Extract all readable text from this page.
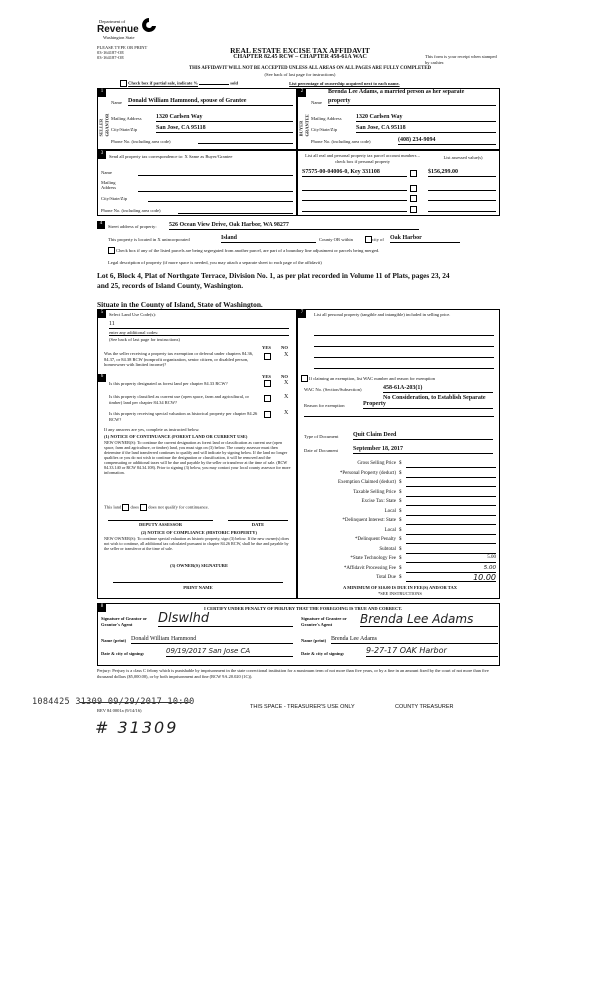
Department of
Revenue
Washington State
PLEASE TYPE OR PRINT
03-164187-OE
03-164187-OE
REAL ESTATE EXCISE TAX AFFIDAVIT
CHAPTER 82.45 RCW – CHAPTER 458-61A WAC	This form is your receipt when stamped by cashier.
THIS AFFIDAVIT WILL NOT BE ACCEPTED UNLESS ALL AREAS ON ALL PAGES ARE FULLY COMPLETED
(See back of last page for instructions)
Check box if partial sale, indicate %	sold	List percentage of ownership acquired next to each name.
1
SELLER GRANTOR
Name Donald William Hammond, spouse of Grantee
Mailing Address 1320 Carlsen Way
City/State/Zip	San Jose, CA 95118
Phone No. (including area code)
2
BUYER GRANTEE
Brenda Lee Adams, a married person as her separate
Name property
Mailing Address 1320 Carlsen Way
City/State/Zip	San Jose, CA 95118
Phone No. (including area code)	(408) 234-9094
3
Send all property tax correspondence to: X Same as Buyer/Grantee
Name
Mailing Address
City/State/Zip
Phone No. (including area code)
List all real and personal property tax parcel account numbers – check box if personal property
List assessed value(s)
S7575-00-04006-0, Key 331108	$156,299.00
4
Street address of property: 526 Ocean View Drive, Oak Harbor, WA 98277
This property is located in X unincorporated	Island	County OR within	city of Oak Harbor
Check box if any of the listed parcels are being segregated from another parcel, are part of a boundary line adjustment or parcels being merged.
Legal description of property (if more space is needed, you may attach a separate sheet to each page of the affidavit)
Lot 6, Block 4, Plat of Northgate Terrace, Division No. 1, as per plat recorded in Volume 11 of Plats, pages 23, 24
and 25, records of Island County, Washington.
Situate in the County of Island, State of Washington.
5	Select Land Use Code(s):
11
enter any additional codes:
(See back of last page for instructions)
YES NO
Was the seller receiving a property tax exemption or deferral under chapters 84.36, 84.37, or 84.38 RCW (nonprofit organization, senior citizen, or disabled person, homeowner with limited income)?
X
6	YES NO
Is this property designated as forest land per chapter 84.33 RCW?	X
Is this property classified as current use (open space, farm and agricultural, or timber) land per chapter 84.34 RCW?
X
Is this property receiving special valuation as historical property per chapter 84.26 RCW?
X
If any answers are yes, complete as instructed below.
(1) NOTICE OF CONTINUANCE (FOREST LAND OR CURRENT USE)
NEW OWNER(S): To continue the current designation as forest land or classification as current use (open space, farm and agriculture, or timber) land, you must sign on (3) below. The county assessor must then determine if the land transferred continues to qualify and will indicate by signing below. If the land no longer qualifies or you do not wish to continue the designation or classification, it will be removed and the compensating or additional taxes will be due and payable by the seller or transferor at the time of sale. (RCW 84.33.140 or RCW 84.34.108). Prior to signing (3) below, you may contact your local county assessor for more information.
This land does does not qualify for continuance.
DEPUTY ASSESSOR	DATE
(2) NOTICE OF COMPLIANCE (HISTORIC PROPERTY)
NEW OWNER(S): To continue special valuation as historic property, sign (3) below. If the new owner(s) does not wish to continue, all additional tax calculated pursuant to chapter 84.26 RCW, shall be due and payable by the seller or transferor at the time of sale.
(3) OWNER(S) SIGNATURE
PRINT NAME
7	List all personal property (tangible and intangible) included in selling price.
If claiming an exemption, list WAC number and reason for exemption
WAC No. (Section/Subsection)	458-61A-203(1)
No Consideration, to Establish Separate
Reason for exemption	Property
Type of Document Quit Claim Deed
Date of Document	September 18, 2017
Gross Selling Price $
*Personal Property (deduct) $
Exemption Claimed (deduct) $
Taxable Selling Price $
Excise Tax: State $
Local $
*Delinquent Interest: State $
Local $
*Delinquent Penalty $
Subtotal $
*State Technology Fee $	5.00
*Affidavit Processing Fee $	5.00
Total Due $	10.00
A MINIMUM OF $10.00 IS DUE IN FEE(S) AND/OR TAX
*SEE INSTRUCTIONS
8	I CERTIFY UNDER PENALTY OF PERJURY THAT THE FOREGOING IS TRUE AND CORRECT.
Signature of Grantor or Grantor's Agent	Dlswlhd	Signature of Grantee or Grantee's Agent	Brenda Lee Adams
Name (print) Donald William Hammond	Name (print) Brenda Lee Adams
Date & city of signing:	09/19/2017 San Jose CA	Date & city of signing:	9-27-17 OAK Harbor
Perjury: Perjury is a class C felony which is punishable by imprisonment in the state correctional institution for a maximum term of not more than five years, or by a fine in an amount fixed by the court of not more than five thousand dollars ($5,000.00), or by both imprisonment and fine (RCW 9A.20.020 (1C)).
1084425 31309 09/29/2017 10:00
REV 84 0001a (9/14/16)
THIS SPACE - TREASURER'S USE ONLY	COUNTY TREASURER
# 31309
